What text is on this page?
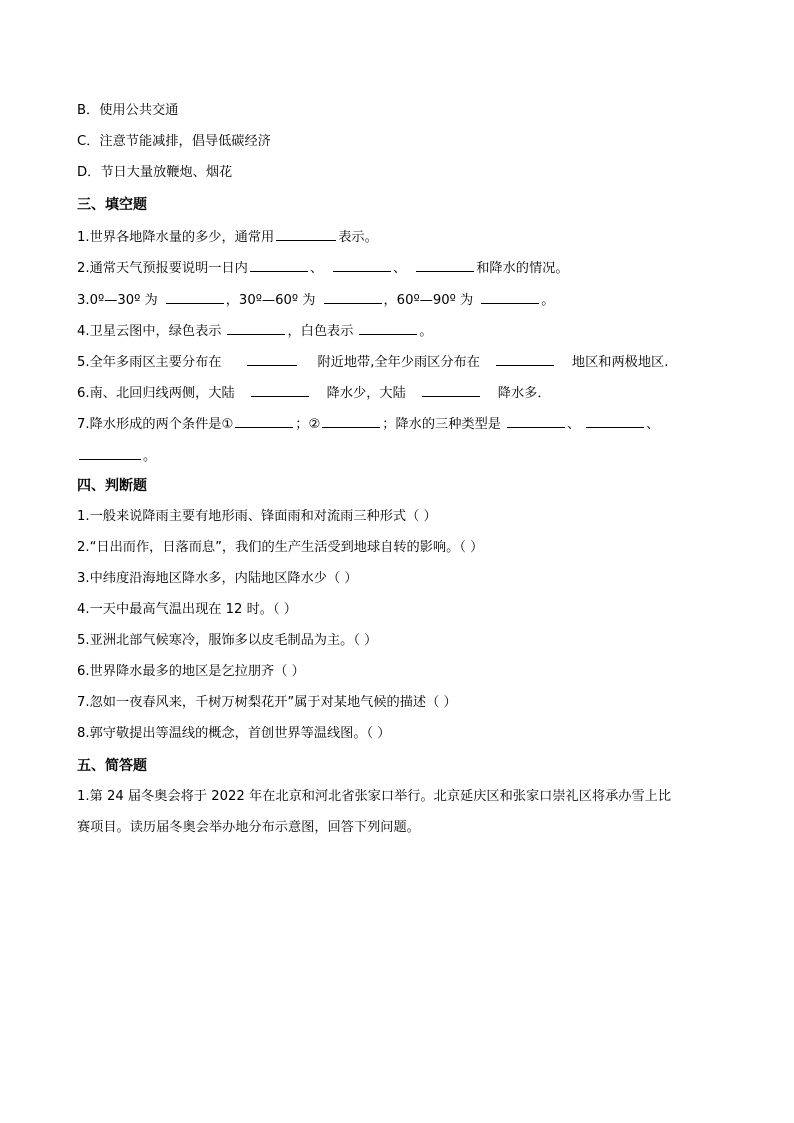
B．使用公共交通
C．注意节能减排，倡导低碳经济
D．节日大量放鞭炮、烟花
三、填空题
1.世界各地降水量的多少，通常用	表示。
2.通常天气预报要说明一日内	、	、	和降水的情况。
3.0º—30º 为	，30º—60º 为	，60º—90º 为	。
4.卫星云图中，绿色表示	，白色表示	。
5.全年多雨区主要分布在	附近地带,全年少雨区分布在	地区和两极地区.
6.南、北回归线两侧，大陆	降水少，大陆	降水多．
7.降水形成的两个条件是①	；②	；降水的三种类型是	、	、
。
四、判断题
1.一般来说降雨主要有地形雨、锋面雨和对流雨三种形式（ ）
2.“日出而作，日落而息”，我们的生产生活受到地球自转的影响。（ ）
3.中纬度沿海地区降水多，内陆地区降水少（ ）
4.一天中最高气温出现在 12 时。（ ）
5.亚洲北部气候寒冷，服饰多以皮毛制品为主。（ ）
6.世界降水最多的地区是乞拉朋齐（ ）
7.忽如一夜春风来，千树万树梨花开”属于对某地气候的描述（ ）
8.郭守敬提出等温线的概念，首创世界等温线图。（ ）
五、简答题
1.第 24 届冬奥会将于 2022 年在北京和河北省张家口举行。北京延庆区和张家口崇礼区将承办雪上比
赛项目。读历届冬奥会举办地分布示意图，回答下列问题。
